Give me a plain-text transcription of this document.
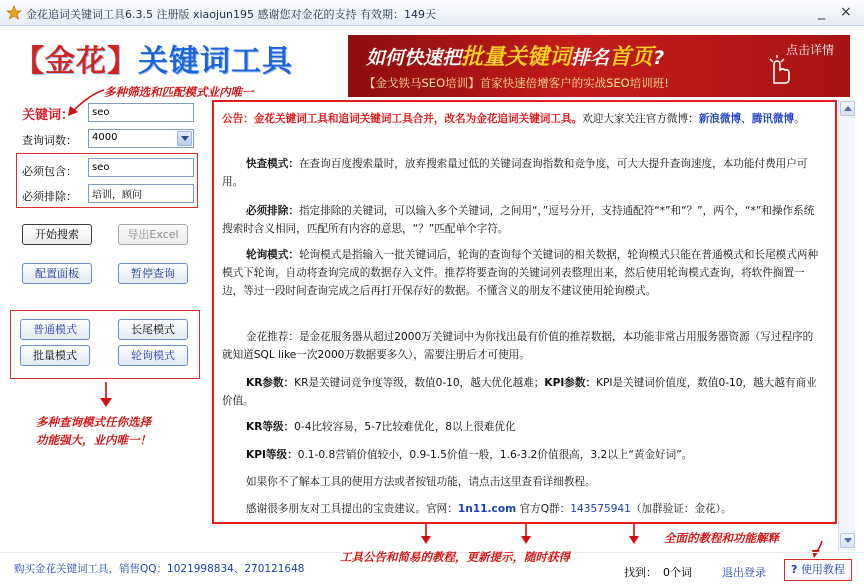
金花追词关键词工具6.3.5 注册版 xiaojun195 感谢您对金花的支持 有效期：149天	_ ×
【金花】关键词工具
多种筛选和匹配模式业内唯一
关键词：
seo
查询词数：	4000
必须包含：
seo
必须排除：
培训，顾问
开始搜索	导出Excel
配置面板	暂停查询
普通模式	长尾模式
批量模式	轮询模式
多种查询模式任你选择
功能强大，业内唯一！
如何快速把批量关键词排名首页?
【金戈铁马SEO培训】首家快速倍增客户的实战SEO培训班!
点击详情
公告：金花关键词工具和追词关键词工具合并，改名为金花追词关键词工具。欢迎大家关注官方微博：新浪微博、腾讯微博。
快查模式：在查询百度搜索量时，放弃搜索量过低的关键词查询指数和竞争度，可大大提升查询速度，本功能付费用户可用。
必须排除：指定排除的关键词，可以输入多个关键词，之间用“，”逗号分开，支持通配符“*”和“？”，两个，“*”和操作系统搜索时含义相同，匹配所有内容的意思，“？”匹配单个字符。
轮询模式：轮询模式是指输入一批关键词后，轮询的查询每个关键词的相关数据，轮询模式只能在普通模式和长尾模式两种模式下轮询，自动将查询完成的数据存入文件。推荐将要查询的关键词列表整理出来，然后使用轮询模式查询，将软件搁置一边，等过一段时间查询完成之后再打开保存好的数据。不懂含义的朋友不建议使用轮询模式。
金花推荐：是金花服务器从超过2000万关键词中为你找出最有价值的推荐数据，本功能非常占用服务器资源（写过程序的就知道SQL like一次2000万数据要多久），需要注册后才可使用。
KR参数：KR是关键词竞争度等级，数值0-10，越大优化越难；KPI参数：KPI是关键词价值度，数值0-10，越大越有商业价值。
KR等级：0-4比较容易，5-7比较难优化，8以上很难优化
KPI等级：0.1-0.8营销价值较小，0.9-1.5价值一般，1.6-3.2价值很高，3.2以上“黄金好词”。
如果你不了解本工具的使用方法或者按钮功能，请点击这里查看详细教程。
感谢很多朋友对工具提出的宝贵建议。官网：1n11.com 官方Q群：143575941（加群验证：金花）。
全面的教程和功能解释
购买金花关键词工具，销售QQ：1021998834、270121648
工具公告和简易的教程，更新提示，随时获得
找到： 0个词	退出登录	? 使用教程
